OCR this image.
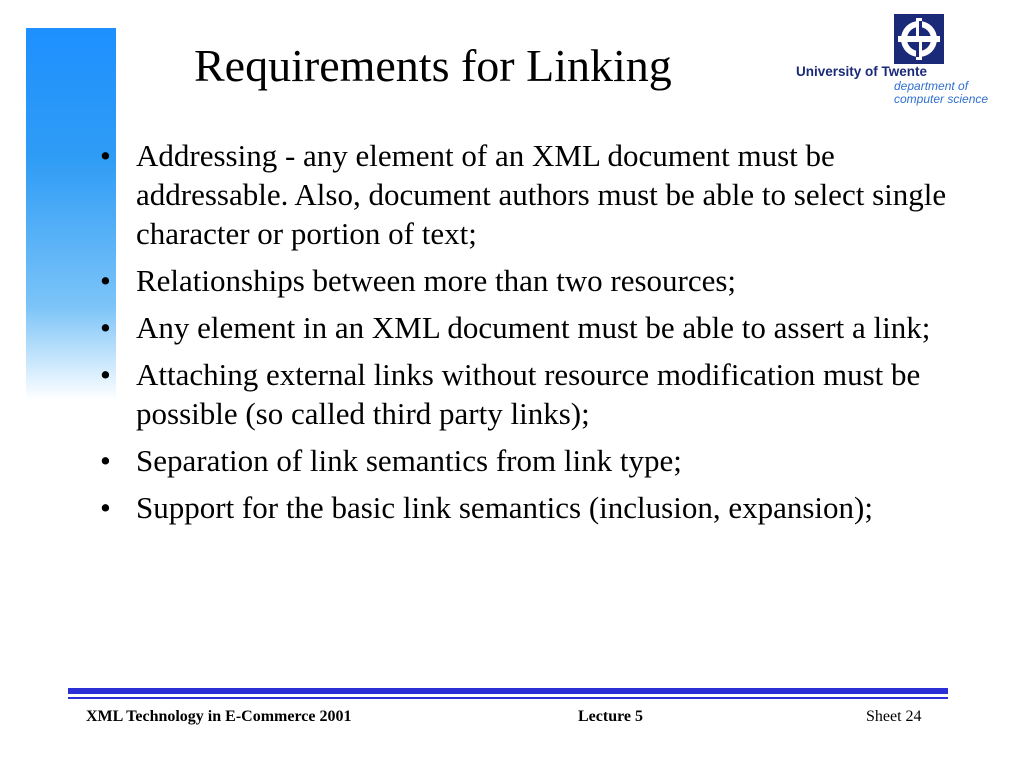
Requirements for Linking	University of Twente
department of
computer science
• Addressing - any element of an XML document must be addressable. Also, document authors must be able to select single character or portion of text;
• Relationships between more than two resources;
• Any element in an XML document must be able to assert a link;
• Attaching external links without resource modification must be possible (so called third party links);
• Separation of link semantics from link type;
• Support for the basic link semantics (inclusion, expansion);
XML Technology in E-Commerce 2001	Lecture 5	Sheet 24
